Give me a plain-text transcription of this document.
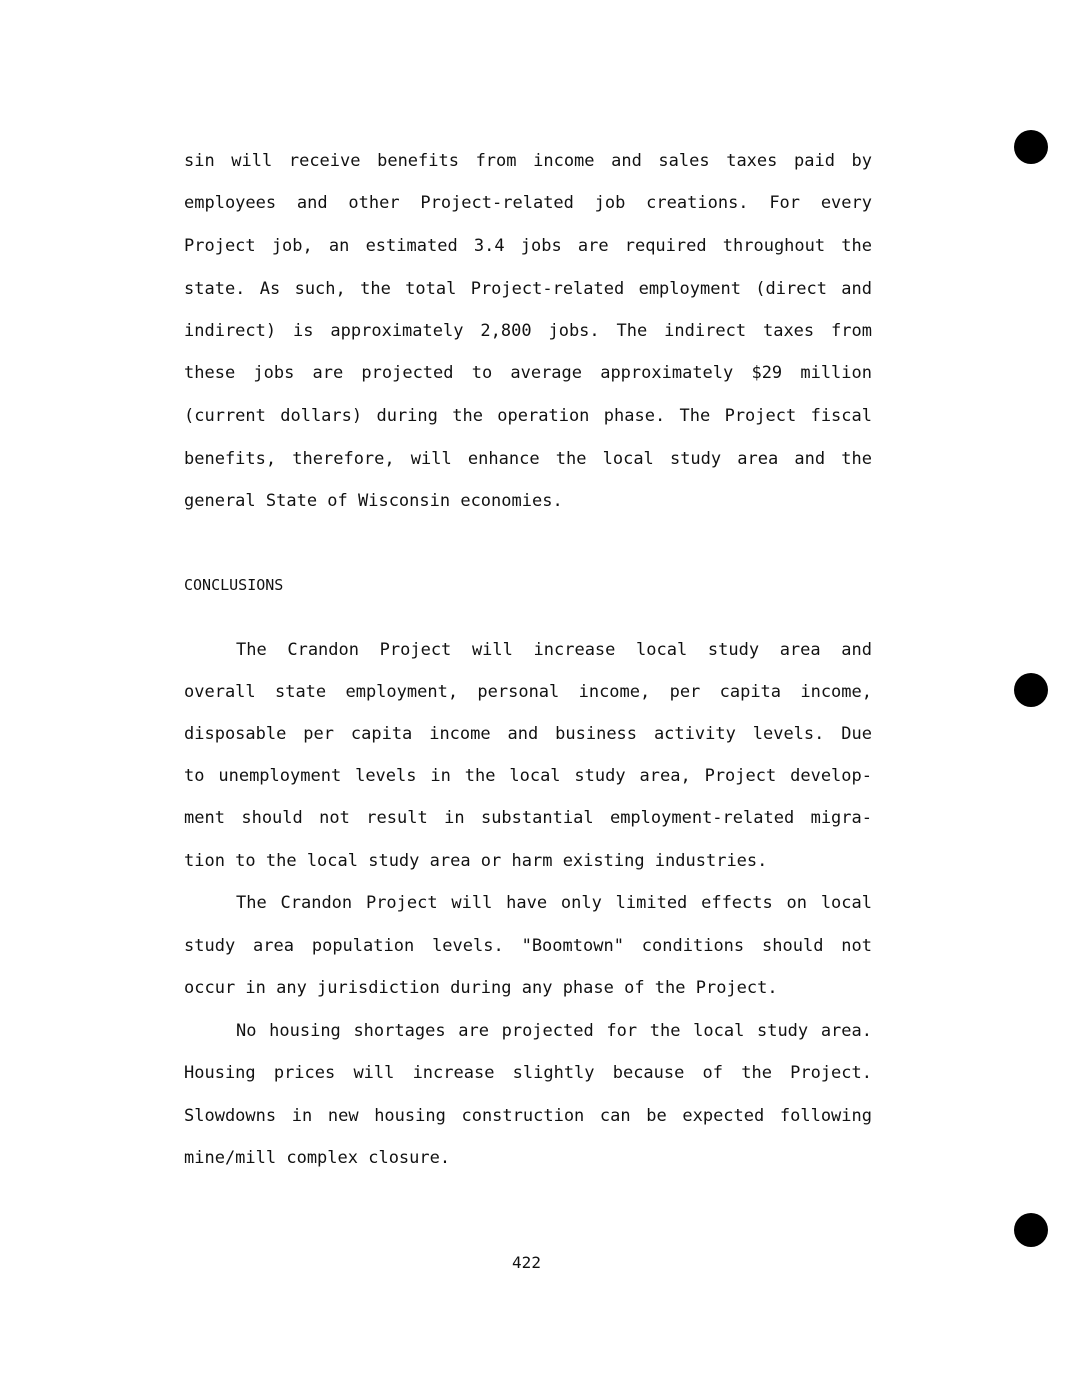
sin will receive benefits from income and sales taxes paid by
employees and other Project-related job creations. For every
Project job, an estimated 3.4 jobs are required throughout the
state. As such, the total Project-related employment (direct and
indirect) is approximately 2,800 jobs. The indirect taxes from
these jobs are projected to average approximately $29 million
(current dollars) during the operation phase. The Project fiscal
benefits, therefore, will enhance the local study area and the
general State of Wisconsin economies.
CONCLUSIONS
The Crandon Project will increase local study area and
overall state employment, personal income, per capita income,
disposable per capita income and business activity levels. Due
to unemployment levels in the local study area, Project develop-
ment should not result in substantial employment-related migra-
tion to the local study area or harm existing industries.
The Crandon Project will have only limited effects on local
study area population levels. "Boomtown" conditions should not
occur in any jurisdiction during any phase of the Project.
No housing shortages are projected for the local study area.
Housing prices will increase slightly because of the Project.
Slowdowns in new housing construction can be expected following
mine/mill complex closure.
422
